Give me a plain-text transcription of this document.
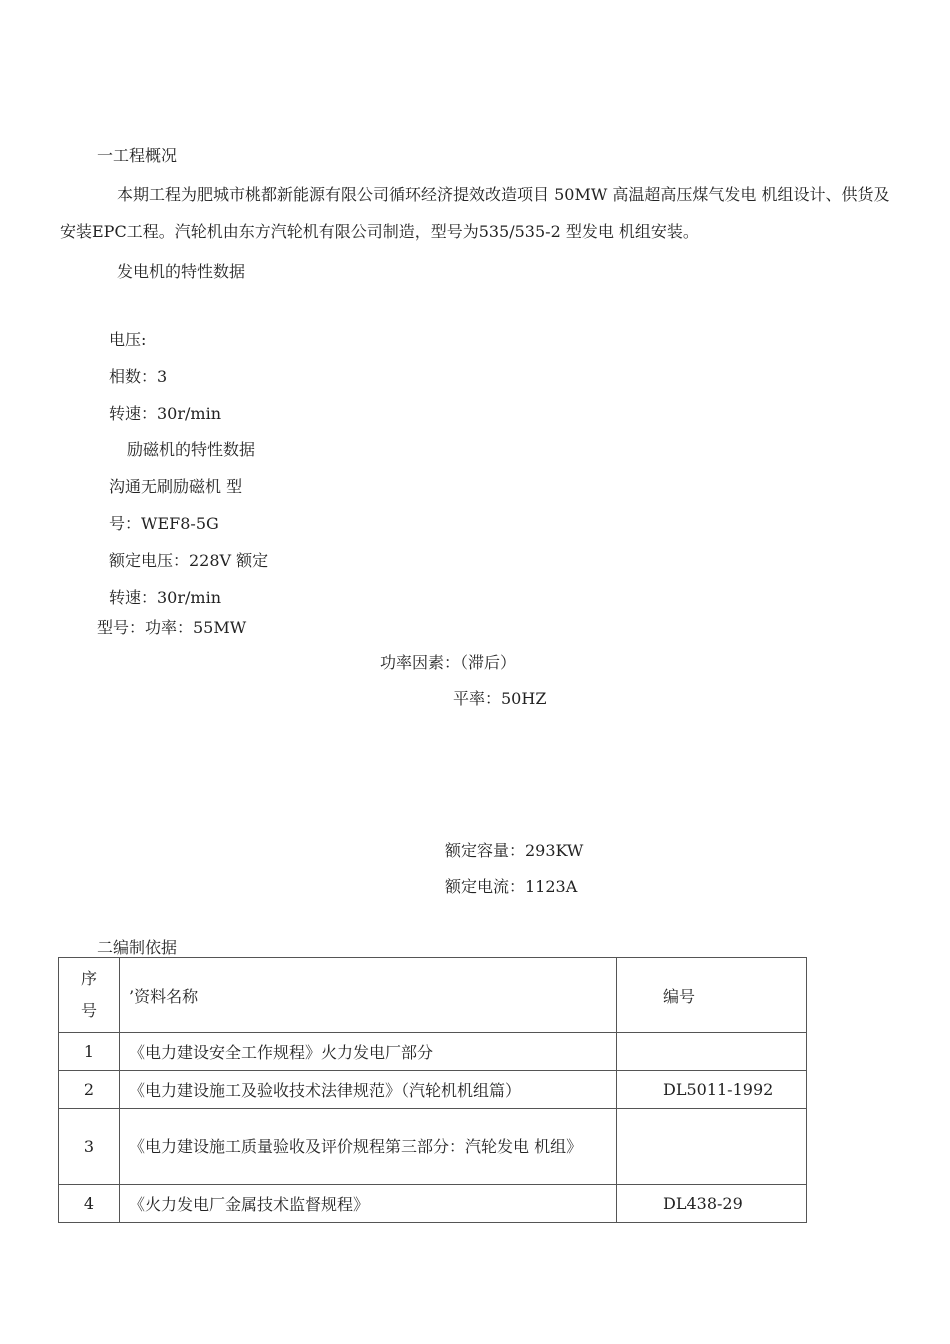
一工程概况
本期工程为肥城市桃都新能源有限公司循环经济提效改造项目 50MW 高温超高压煤气发电 机组设计、供货及安装EPC工程。汽轮机由东方汽轮机有限公司制造，型号为535/535-2 型发电 机组安装。
发电机的特性数据
电压:
相数：3
转速：30r/min
励磁机的特性数据
沟通无刷励磁机 型
号：WEF8-5G
额定电压：228V 额定
转速：30r/min
型号：功率：55MW
功率因素：（滞后）
平率：50HZ
额定容量：293KW
额定电流：1123A
二编制依据
序
号	’资料名称	编号
1	《电力建设安全工作规程》火力发电厂部分	
2	《电力建设施工及验收技术法律规范》（汽轮机机组篇）	DL5011-1992
3	《电力建设施工质量验收及评价规程第三部分：汽轮发电 机组》	
4	《火力发电厂金属技术监督规程》	DL438-29
